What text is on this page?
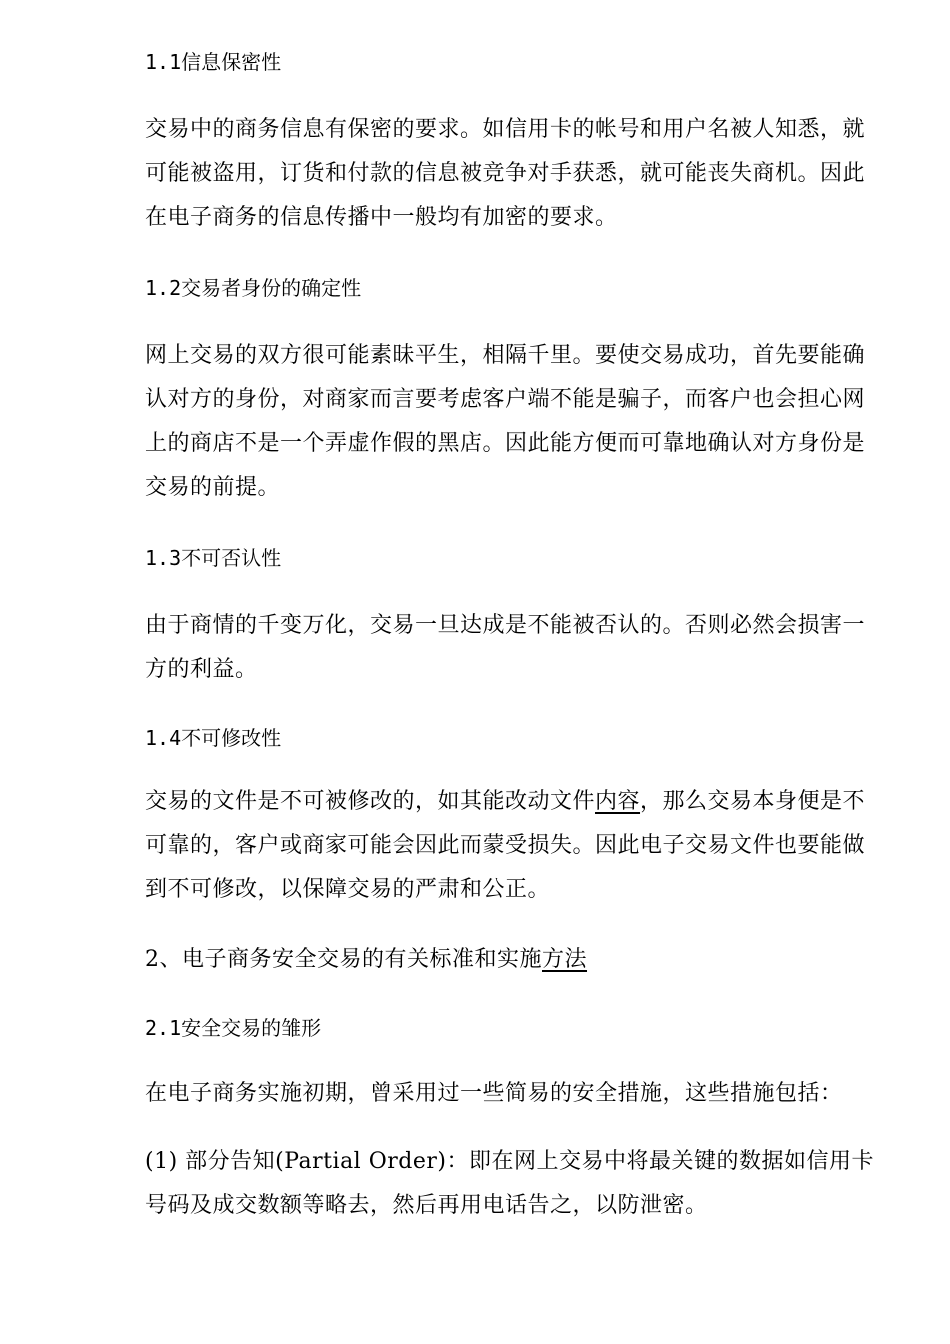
1.1信息保密性

交易中的商务信息有保密的要求。如信用卡的帐号和用户名被人知悉，就可能被盗用，订货和付款的信息被竞争对手获悉，就可能丧失商机。因此在电子商务的信息传播中一般均有加密的要求。

1.2交易者身份的确定性

网上交易的双方很可能素昧平生，相隔千里。要使交易成功，首先要能确认对方的身份，对商家而言要考虑客户端不能是骗子，而客户也会担心网上的商店不是一个弄虚作假的黑店。因此能方便而可靠地确认对方身份是交易的前提。

1.3不可否认性

由于商情的千变万化，交易一旦达成是不能被否认的。否则必然会损害一方的利益。

1.4不可修改性

交易的文件是不可被修改的，如其能改动文件内容，那么交易本身便是不可靠的，客户或商家可能会因此而蒙受损失。因此电子交易文件也要能做到不可修改，以保障交易的严肃和公正。

2、电子商务安全交易的有关标准和实施方法

2.1安全交易的雏形

在电子商务实施初期，曾采用过一些简易的安全措施，这些措施包括：

(1) 部分告知(Partial Order)：即在网上交易中将最关键的数据如信用卡号码及成交数额等略去，然后再用电话告之，以防泄密。
